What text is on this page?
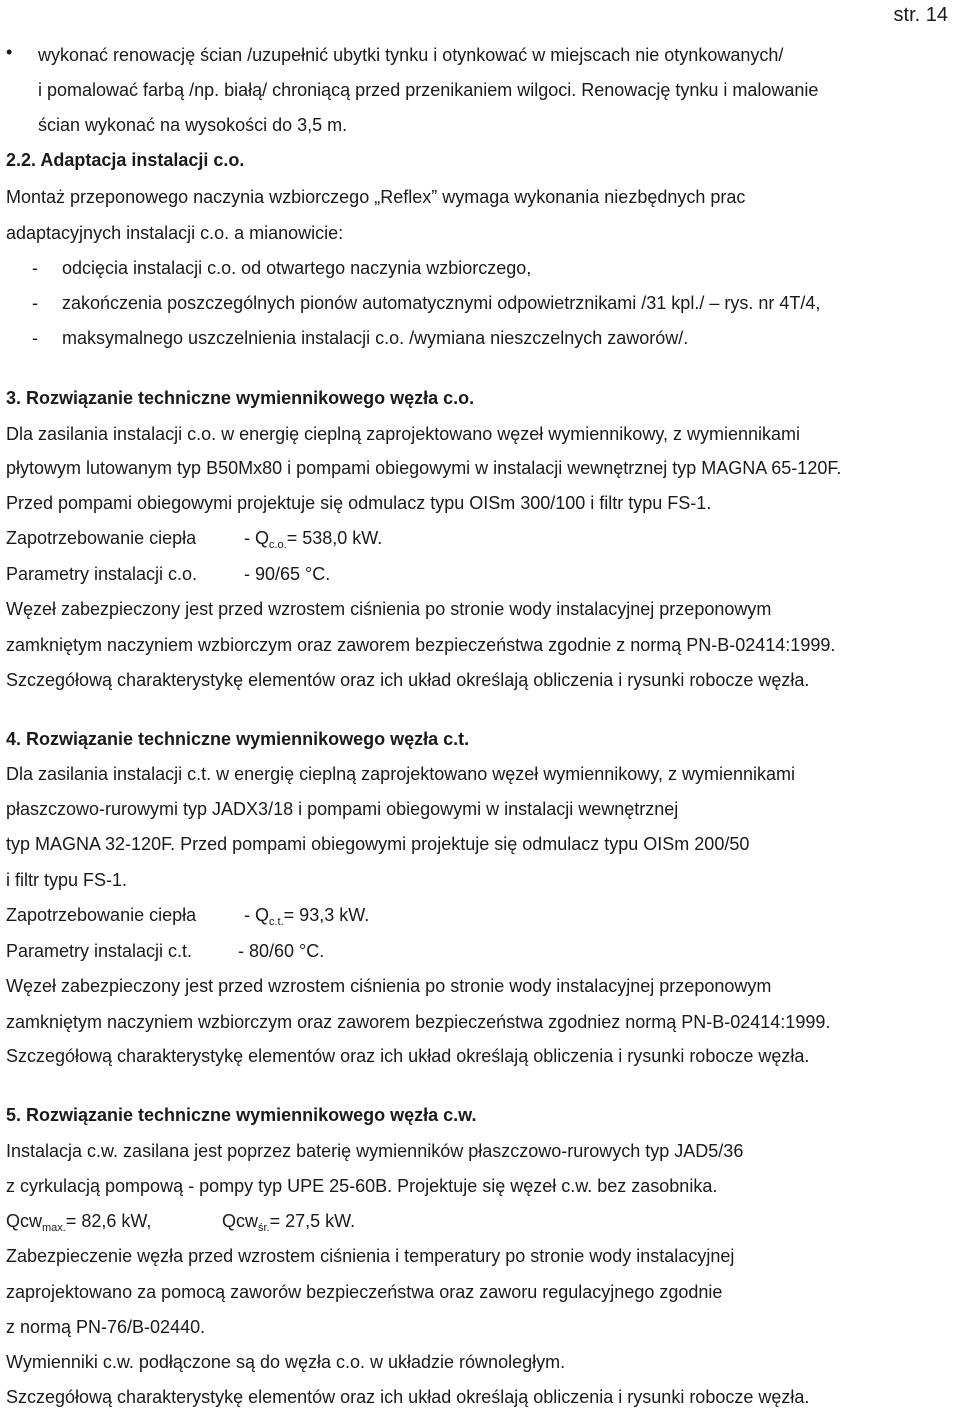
str. 14
• wykonać renowację ścian /uzupełnić ubytki tynku i otynkować w miejscach nie otynkowanych/
i pomalować farbą /np. białą/ chroniącą przed przenikaniem wilgoci. Renowację tynku i malowanie
ścian wykonać na wysokości do 3,5 m.
2.2. Adaptacja instalacji c.o.
Montaż przeponowego naczynia wzbiorczego „Reflex” wymaga wykonania niezbędnych prac
adaptacyjnych instalacji c.o. a mianowicie:
- odcięcia instalacji c.o. od otwartego naczynia wzbiorczego,
- zakończenia poszczególnych pionów automatycznymi odpowietrznikami /31 kpl./ – rys. nr 4T/4,
- maksymalnego uszczelnienia instalacji c.o. /wymiana nieszczelnych zaworów/.
3. Rozwiązanie techniczne wymiennikowego węzła c.o.
Dla zasilania instalacji c.o. w energię cieplną zaprojektowano węzeł wymiennikowy, z wymiennikami
płytowym lutowanym typ B50Mx80 i pompami obiegowymi w instalacji wewnętrznej typ MAGNA 65-120F.
Przed pompami obiegowymi projektuje się odmulacz typu OISm 300/100 i filtr typu FS-1.
Zapotrzebowanie ciepła	- $Q_{c.o.}= 538,0$ kW.
Parametry instalacji c.o.	- 90/65 °C.
Węzeł zabezpieczony jest przed wzrostem ciśnienia po stronie wody instalacyjnej przeponowym
zamkniętym naczyniem wzbiorczym oraz zaworem bezpieczeństwa zgodnie z normą PN-B-02414:1999.
Szczegółową charakterystykę elementów oraz ich układ określają obliczenia i rysunki robocze węzła.
4. Rozwiązanie techniczne wymiennikowego węzła c.t.
Dla zasilania instalacji c.t. w energię cieplną zaprojektowano węzeł wymiennikowy, z wymiennikami
płaszczowo-rurowymi typ JADX3/18 i pompami obiegowymi w instalacji wewnętrznej
typ MAGNA 32-120F. Przed pompami obiegowymi projektuje się odmulacz typu OISm 200/50
i filtr typu FS-1.
Zapotrzebowanie ciepła	- $Q_{c.t.}= 93,3$ kW.
Parametry instalacji c.t.	- 80/60 °C.
Węzeł zabezpieczony jest przed wzrostem ciśnienia po stronie wody instalacyjnej przeponowym
zamkniętym naczyniem wzbiorczym oraz zaworem bezpieczeństwa zgodniez normą PN-B-02414:1999.
Szczegółową charakterystykę elementów oraz ich układ określają obliczenia i rysunki robocze węzła.
5. Rozwiązanie techniczne wymiennikowego węzła c.w.
Instalacja c.w. zasilana jest poprzez baterię wymienników płaszczowo-rurowych typ JAD5/36
z cyrkulacją pompową - pompy typ UPE 25-60B. Projektuje się węzeł c.w. bez zasobnika.
Qcw$_{max.}$= 82,6 kW,	Qcw$_{śr.}$= 27,5 kW.
Zabezpieczenie węzła przed wzrostem ciśnienia i temperatury po stronie wody instalacyjnej
zaprojektowano za pomocą zaworów bezpieczeństwa oraz zaworu regulacyjnego zgodnie
z normą PN-76/B-02440.
Wymienniki c.w. podłączone są do węzła c.o. w układzie równoległym.
Szczegółową charakterystykę elementów oraz ich układ określają obliczenia i rysunki robocze węzła.
